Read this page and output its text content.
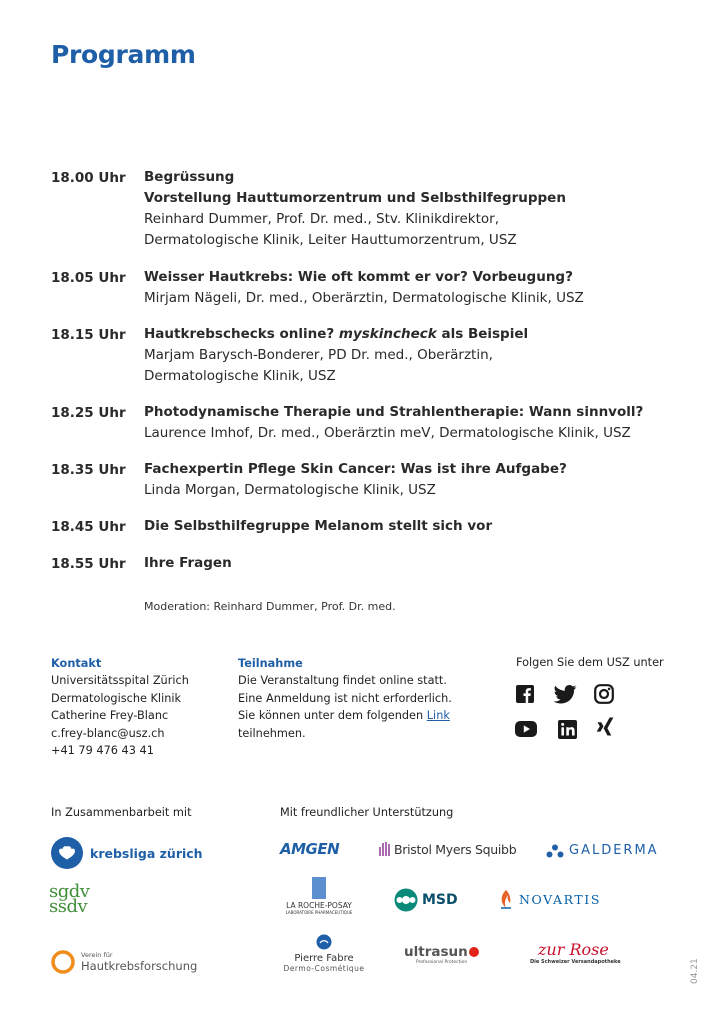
Programm
18.00 Uhr Begrüssung
Vorstellung Hauttumorzentrum und Selbsthilfegruppen
Reinhard Dummer, Prof. Dr. med., Stv. Klinikdirektor,
Dermatologische Klinik, Leiter Hauttumorzentrum, USZ
18.05 Uhr Weisser Hautkrebs: Wie oft kommt er vor? Vorbeugung?
Mirjam Nägeli, Dr. med., Oberärztin, Dermatologische Klinik, USZ
18.15 Uhr Hautkrebschecks online? myskincheck als Beispiel
Marjam Barysch-Bonderer, PD Dr. med., Oberärztin,
Dermatologische Klinik, USZ
18.25 Uhr Photodynamische Therapie und Strahlentherapie: Wann sinnvoll?
Laurence Imhof, Dr. med., Oberärztin meV, Dermatologische Klinik, USZ
18.35 Uhr Fachexpertin Pflege Skin Cancer: Was ist ihre Aufgabe?
Linda Morgan, Dermatologische Klinik, USZ
18.45 Uhr Die Selbsthilfegruppe Melanom stellt sich vor
18.55 Uhr Ihre Fragen
Moderation: Reinhard Dummer, Prof. Dr. med.
Kontakt
Universitätsspital Zürich
Dermatologische Klinik
Catherine Frey-Blanc
c.frey-blanc@usz.ch
+41 79 476 43 41
Teilnahme
Die Veranstaltung findet online statt.
Eine Anmeldung ist nicht erforderlich.
Sie können unter dem folgenden Link
teilnehmen.
Folgen Sie dem USZ unter
In Zusammenbarbeit mit
krebsliga zürich
sgdv
ssdv
Verein für
Hautkrebsforschung
Mit freundlicher Unterstützung
AMGEN	Bristol Myers Squibb	GALDERMA
LA ROCHE-POSAY
LABORATOIRE PHARMACEUTIQUE
MSD	NOVARTIS
Pierre Fabre
Dermo-Cosmétique
ultrasun
Professional Protection
zur Rose
Die Schweizer Versandapotheke	04.21
